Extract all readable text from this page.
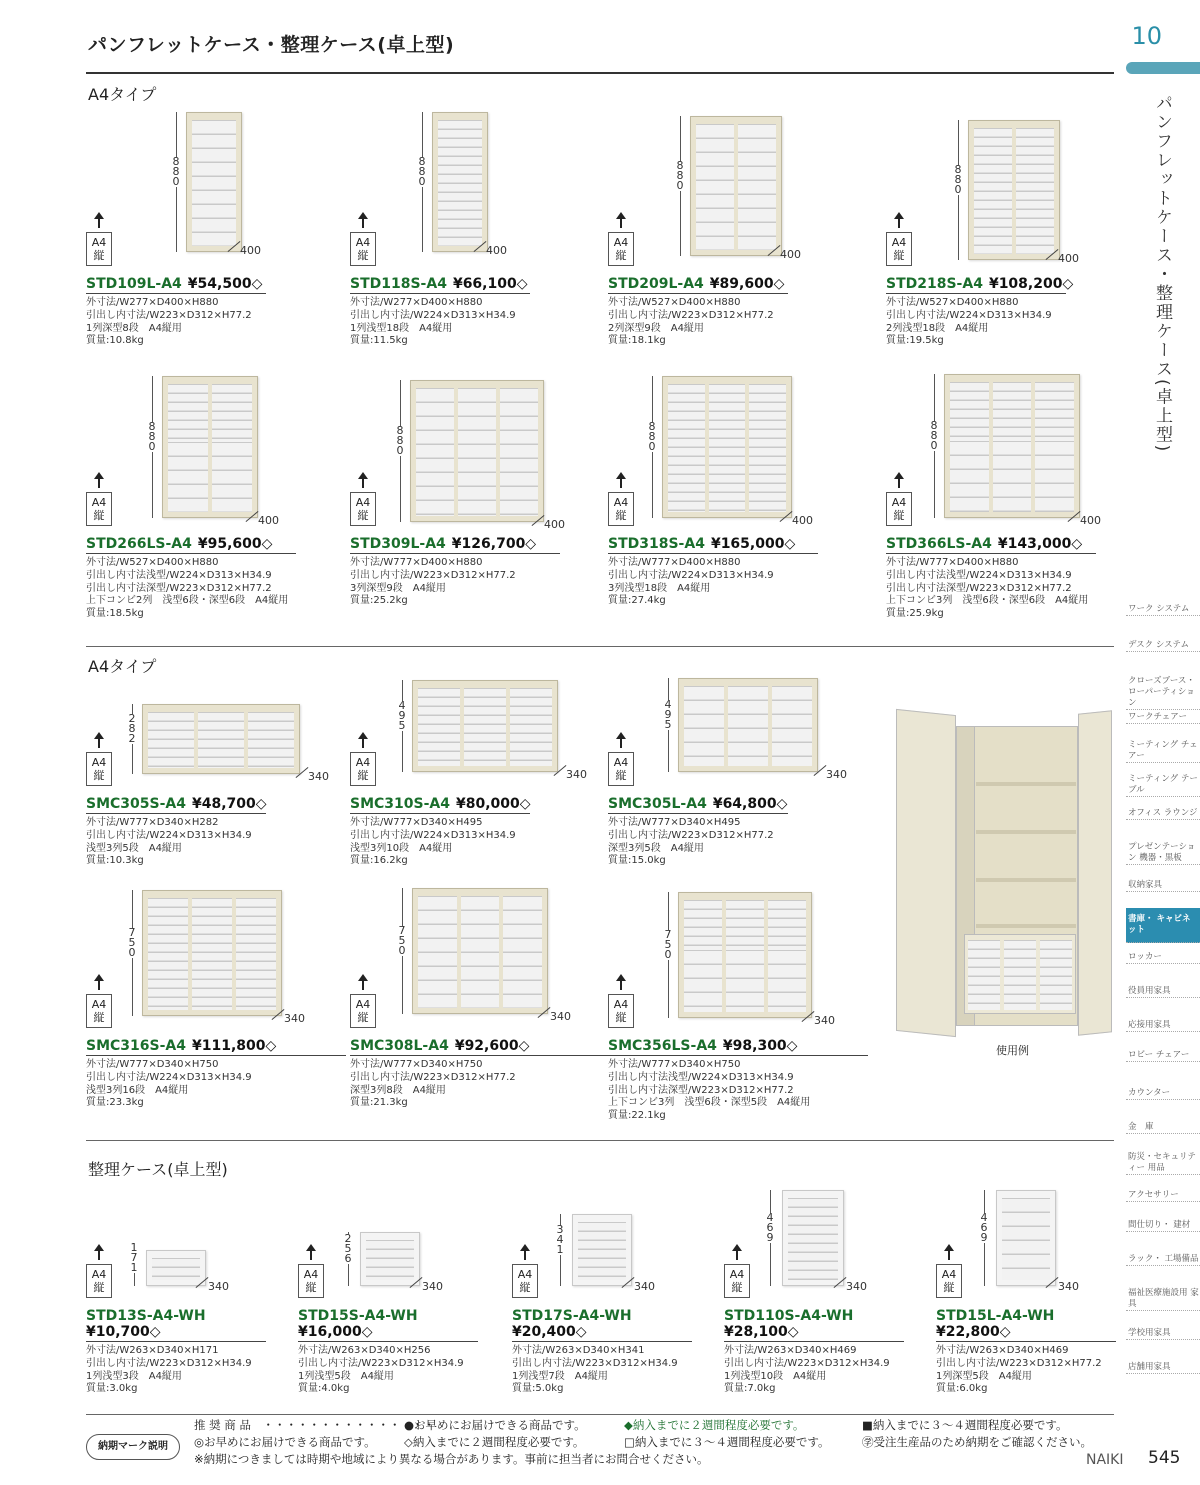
パンフレットケース・整理ケース(卓上型)	10
パンフレットケース・整理ケース(卓上型)
A4タイプ
A4タイプ
整理ケース(卓上型)
880
400
A4
縦
STD109L-A4 ¥54,500◇
外寸法/W277×D400×H880
引出し内寸法/W223×D312×H77.2
1列深型8段　A4縦用
質量:10.8kg
880
400
A4
縦
STD118S-A4 ¥66,100◇
外寸法/W277×D400×H880
引出し内寸法/W224×D313×H34.9
1列浅型18段　A4縦用
質量:11.5kg
880
400
A4
縦
STD209L-A4 ¥89,600◇
外寸法/W527×D400×H880
引出し内寸法/W223×D312×H77.2
2列深型9段　A4縦用
質量:18.1kg
880
400
A4
縦
STD218S-A4 ¥108,200◇
外寸法/W527×D400×H880
引出し内寸法/W224×D313×H34.9
2列浅型18段　A4縦用
質量:19.5kg
880
400
A4
縦
STD266LS-A4 ¥95,600◇
外寸法/W527×D400×H880
引出し内寸法浅型/W224×D313×H34.9
引出し内寸法深型/W223×D312×H77.2
上下コンビ2列　浅型6段・深型6段　A4縦用
質量:18.5kg
880
400
A4
縦
STD309L-A4 ¥126,700◇
外寸法/W777×D400×H880
引出し内寸法/W223×D312×H77.2
3列深型9段　A4縦用
質量:25.2kg
880
400
A4
縦
STD318S-A4 ¥165,000◇
外寸法/W777×D400×H880
引出し内寸法/W224×D313×H34.9
3列浅型18段　A4縦用
質量:27.4kg
880
400
A4
縦
STD366LS-A4 ¥143,000◇
外寸法/W777×D400×H880
引出し内寸法浅型/W224×D313×H34.9
引出し内寸法深型/W223×D312×H77.2
上下コンビ3列　浅型6段・深型6段　A4縦用
質量:25.9kg
282
340
A4
縦
SMC305S-A4 ¥48,700◇
外寸法/W777×D340×H282
引出し内寸法/W224×D313×H34.9
浅型3列5段　A4縦用
質量:10.3kg
495
340
A4
縦
SMC310S-A4 ¥80,000◇
外寸法/W777×D340×H495
引出し内寸法/W224×D313×H34.9
浅型3列10段　A4縦用
質量:16.2kg
495
340
A4
縦
SMC305L-A4 ¥64,800◇
外寸法/W777×D340×H495
引出し内寸法/W223×D312×H77.2
深型3列5段　A4縦用
質量:15.0kg
750
340
A4
縦
SMC316S-A4 ¥111,800◇
外寸法/W777×D340×H750
引出し内寸法/W224×D313×H34.9
浅型3列16段　A4縦用
質量:23.3kg
750
340
A4
縦
SMC308L-A4 ¥92,600◇
外寸法/W777×D340×H750
引出し内寸法/W223×D312×H77.2
深型3列8段　A4縦用
質量:21.3kg
750
340
A4
縦
SMC356LS-A4 ¥98,300◇
外寸法/W777×D340×H750
引出し内寸法浅型/W224×D313×H34.9
引出し内寸法深型/W223×D312×H77.2
上下コンビ3列　浅型6段・深型5段　A4縦用
質量:22.1kg
171
340
A4
縦
STD13S-A4-WH
¥10,700◇
外寸法/W263×D340×H171
引出し内寸法/W223×D312×H34.9
1列浅型3段　A4縦用
質量:3.0kg
256
340
A4
縦
STD15S-A4-WH
¥16,000◇
外寸法/W263×D340×H256
引出し内寸法/W223×D312×H34.9
1列浅型5段　A4縦用
質量:4.0kg
341
340
A4
縦
STD17S-A4-WH
¥20,400◇
外寸法/W263×D340×H341
引出し内寸法/W223×D312×H34.9
1列浅型7段　A4縦用
質量:5.0kg
469
340
A4
縦
STD110S-A4-WH
¥28,100◇
外寸法/W263×D340×H469
引出し内寸法/W223×D312×H34.9
1列浅型10段　A4縦用
質量:7.0kg
469
340
A4
縦
STD15L-A4-WH
¥22,800◇
外寸法/W263×D340×H469
引出し内寸法/W223×D312×H77.2
1列深型5段　A4縦用
質量:6.0kg
使用例
ワーク システム
デスク システム
クローズブース・ ローパーティション
ワークチェアー
ミーティング チェアー
ミーティング テーブル
オフィス ラウンジ
プレゼンテーション 機器・黒板
収納家具
書庫・ キャビネット
ロッカー
役員用家具
応接用家具
ロビー チェアー
カウンター
金　庫
防災・セキュリティー 用品
アクセサリー
間仕切り・ 建材
ラック・ 工場備品
福祉医療施設用 家具
学校用家具
店舗用家具
納期マーク説明
推 奨 商 品　・・・・・・・・・・・・・・・
●お早めにお届けできる商品です。	◆納入までに２週間程度必要です。	■納入までに３〜４週間程度必要です。
◎お早めにお届けできる商品です。 ◇納入までに２週間程度必要です。	□納入までに３〜４週間程度必要です。	㊫受注生産品のため納期をご確認ください。
※納期につきましては時期や地域により異なる場合があります。事前に担当者にお問合せください。	NAIKI 545
